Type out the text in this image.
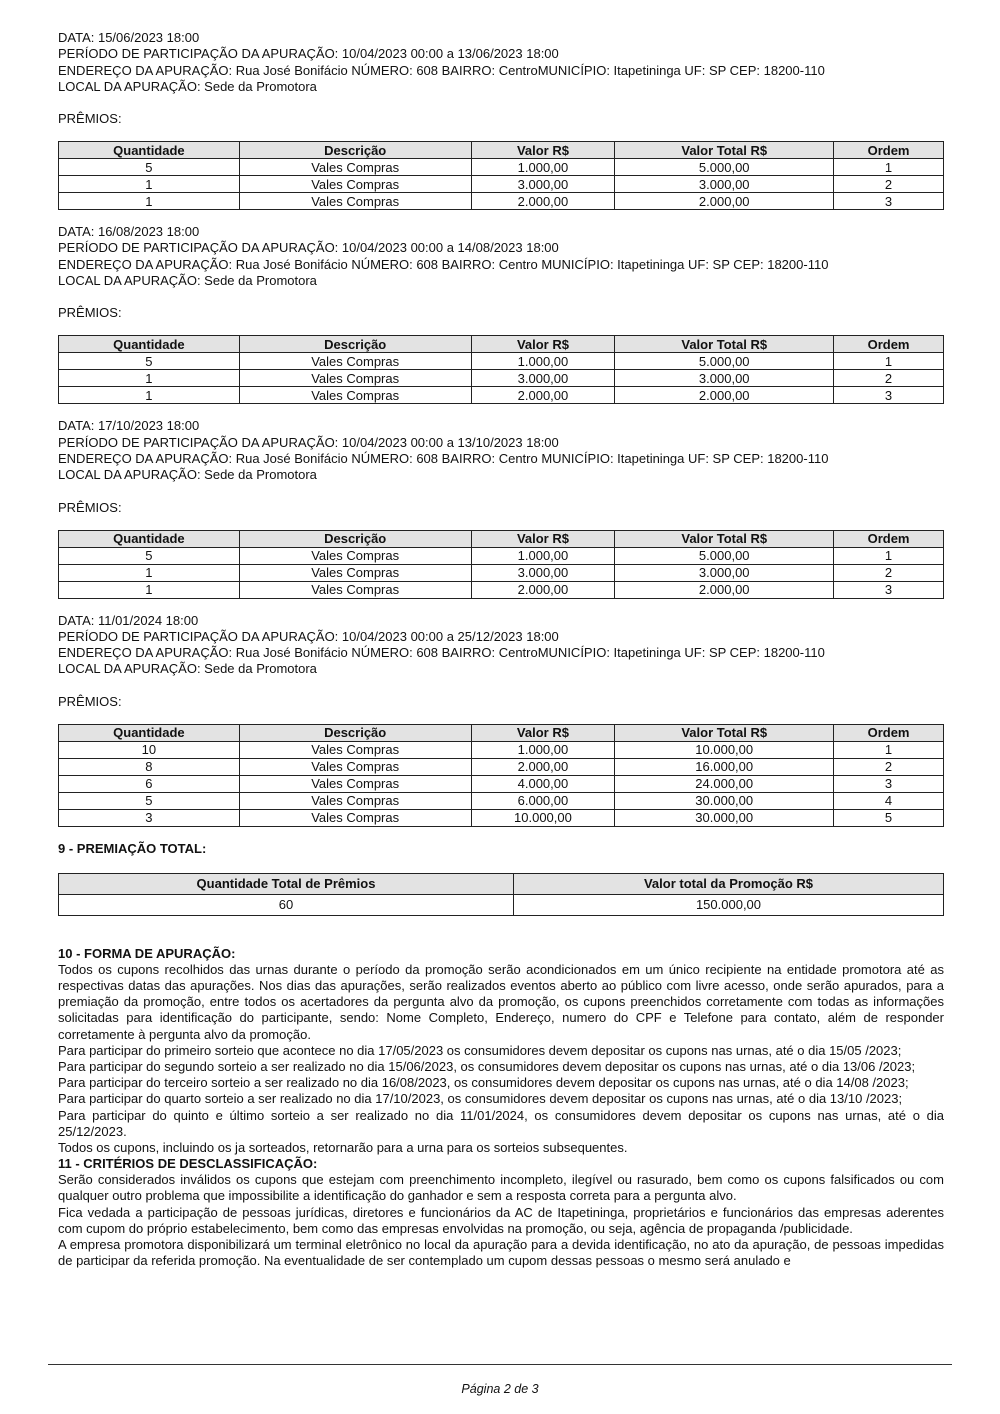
DATA: 15/06/2023 18:00
PERÍODO DE PARTICIPAÇÃO DA APURAÇÃO: 10/04/2023 00:00 a 13/06/2023 18:00
ENDEREÇO DA APURAÇÃO: Rua José Bonifácio NÚMERO: 608 BAIRRO: CentroMUNICÍPIO: Itapetininga UF: SP CEP: 18200-110
LOCAL DA APURAÇÃO: Sede da Promotora
PRÊMIOS:
Quantidade	Descrição	Valor R$	Valor Total R$	Ordem
5	Vales Compras	1.000,00	5.000,00	1
1	Vales Compras	3.000,00	3.000,00	2
1	Vales Compras	2.000,00	2.000,00	3
DATA: 16/08/2023 18:00
PERÍODO DE PARTICIPAÇÃO DA APURAÇÃO: 10/04/2023 00:00 a 14/08/2023 18:00
ENDEREÇO DA APURAÇÃO: Rua José Bonifácio NÚMERO: 608 BAIRRO: Centro MUNICÍPIO: Itapetininga UF: SP CEP: 18200-110
LOCAL DA APURAÇÃO: Sede da Promotora
PRÊMIOS:
Quantidade	Descrição	Valor R$	Valor Total R$	Ordem
5	Vales Compras	1.000,00	5.000,00	1
1	Vales Compras	3.000,00	3.000,00	2
1	Vales Compras	2.000,00	2.000,00	3
DATA: 17/10/2023 18:00
PERÍODO DE PARTICIPAÇÃO DA APURAÇÃO: 10/04/2023 00:00 a 13/10/2023 18:00
ENDEREÇO DA APURAÇÃO: Rua José Bonifácio NÚMERO: 608 BAIRRO: Centro MUNICÍPIO: Itapetininga UF: SP CEP: 18200-110
LOCAL DA APURAÇÃO: Sede da Promotora
PRÊMIOS:
Quantidade	Descrição	Valor R$	Valor Total R$	Ordem
5	Vales Compras	1.000,00	5.000,00	1
1	Vales Compras	3.000,00	3.000,00	2
1	Vales Compras	2.000,00	2.000,00	3
DATA: 11/01/2024 18:00
PERÍODO DE PARTICIPAÇÃO DA APURAÇÃO: 10/04/2023 00:00 a 25/12/2023 18:00
ENDEREÇO DA APURAÇÃO: Rua José Bonifácio NÚMERO: 608 BAIRRO: CentroMUNICÍPIO: Itapetininga UF: SP CEP: 18200-110
LOCAL DA APURAÇÃO: Sede da Promotora
PRÊMIOS:
Quantidade	Descrição	Valor R$	Valor Total R$	Ordem
10	Vales Compras	1.000,00	10.000,00	1
8	Vales Compras	2.000,00	16.000,00	2
6	Vales Compras	4.000,00	24.000,00	3
5	Vales Compras	6.000,00	30.000,00	4
3	Vales Compras	10.000,00	30.000,00	5
9 - PREMIAÇÃO TOTAL:
Quantidade Total de Prêmios	Valor total da Promoção R$
60	150.000,00
10 - FORMA DE APURAÇÃO:
Todos os cupons recolhidos das urnas durante o período da promoção serão acondicionados em um único recipiente na entidade promotora até as respectivas datas das apurações. Nos dias das apurações, serão realizados eventos aberto ao público com livre acesso, onde serão apurados, para a premiação da promoção, entre todos os acertadores da pergunta alvo da promoção, os cupons preenchidos corretamente com todas as informações solicitadas para identificação do participante, sendo: Nome Completo, Endereço, numero do CPF e Telefone para contato, além de responder corretamente à pergunta alvo da promoção.
Para participar do primeiro sorteio que acontece no dia 17/05/2023 os consumidores devem depositar os cupons nas urnas, até o dia 15/05 /2023;
Para participar do segundo sorteio a ser realizado no dia 15/06/2023, os consumidores devem depositar os cupons nas urnas, até o dia 13/06 /2023;
Para participar do terceiro sorteio a ser realizado no dia 16/08/2023, os consumidores devem depositar os cupons nas urnas, até o dia 14/08 /2023;
Para participar do quarto sorteio a ser realizado no dia 17/10/2023, os consumidores devem depositar os cupons nas urnas, até o dia 13/10 /2023;
Para participar do quinto e último sorteio a ser realizado no dia 11/01/2024, os consumidores devem depositar os cupons nas urnas, até o dia 25/12/2023.
Todos os cupons, incluindo os ja sorteados, retornarão para a urna para os sorteios subsequentes.
11 - CRITÉRIOS DE DESCLASSIFICAÇÃO:
Serão considerados inválidos os cupons que estejam com preenchimento incompleto, ilegível ou rasurado, bem como os cupons falsificados ou com qualquer outro problema que impossibilite a identificação do ganhador e sem a resposta correta para a pergunta alvo.
Fica vedada a participação de pessoas jurídicas, diretores e funcionários da AC de Itapetininga, proprietários e funcionários das empresas aderentes com cupom do próprio estabelecimento, bem como das empresas envolvidas na promoção, ou seja, agência de propaganda /publicidade.
A empresa promotora disponibilizará um terminal eletrônico no local da apuração para a devida identificação, no ato da apuração, de pessoas impedidas de participar da referida promoção. Na eventualidade de ser contemplado um cupom dessas pessoas o mesmo será anulado e
Página 2 de 3
